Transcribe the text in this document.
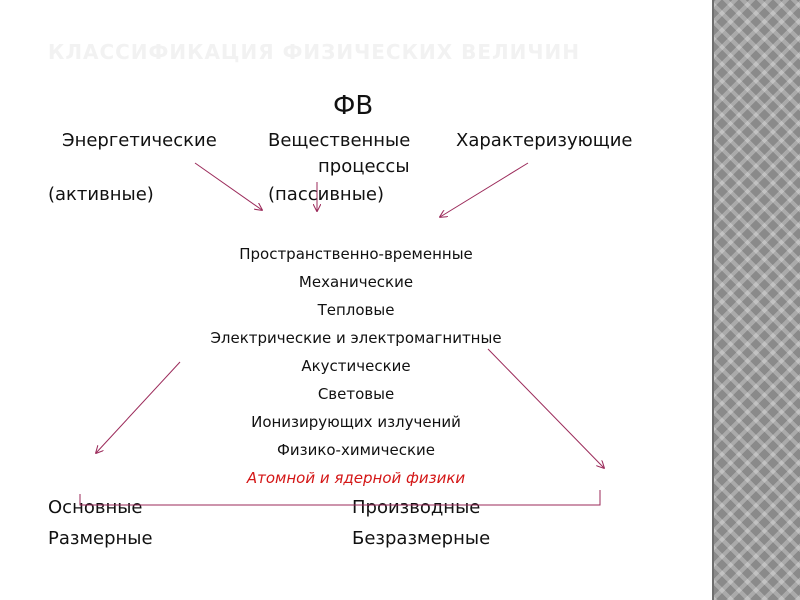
КЛАССИФИКАЦИЯ ФИЗИЧЕСКИХ ВЕЛИЧИН
ФВ
Энергетические	Вещественные
процессы
Характеризующие
(активные)	(пассивные)
Пространственно-временные
Механические
Тепловые
Электрические и электромагнитные
Акустические
Световые
Ионизирующих излучений
Физико-химические
Атомной и ядерной физики
Основные	Производные
Размерные	Безразмерные
